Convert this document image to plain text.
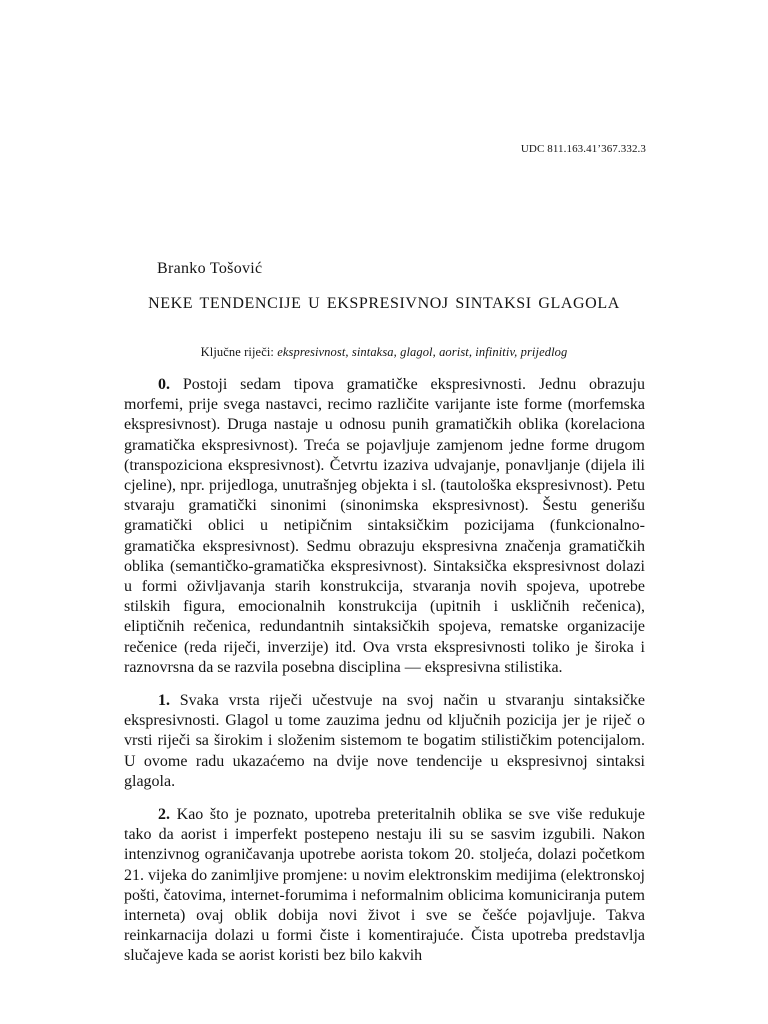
UDC 811.163.41’367.332.3
Branko Tošović
NEKE TENDENCIJE U EKSPRESIVNOJ SINTAKSI GLAGOLA
Ključne riječi: ekspresivnost, sintaksa, glagol, aorist, infinitiv, prijedlog

0. Postoji sedam tipova gramatičke ekspresivnosti. Jednu obrazuju morfemi, prije svega nastavci, recimo različite varijante iste forme (morfemska ekspresivnost). Druga nastaje u odnosu punih gramatičkih oblika (korelaciona gramatička ekspresivnost). Treća se pojavljuje zamjenom jedne forme drugom (transpoziciona ekspresivnost). Četvrtu izaziva udvajanje, ponavljanje (dijela ili cjeline), npr. prijedloga, unutrašnjeg objekta i sl. (tautološka ekspresivnost). Petu stvaraju gramatički sinonimi (sinonimska ekspresivnost). Šestu generišu gramatički oblici u netipičnim sintaksičkim pozicijama (funkcionalno-gramatička ekspresivnost). Sedmu obrazuju ekspresivna značenja gramatičkih oblika (semantičko-gramatička ekspresivnost). Sintaksička ekspresivnost dolazi u formi oživljavanja starih konstrukcija, stvaranja novih spojeva, upotrebe stilskih figura, emocionalnih konstrukcija (upitnih i uskličnih rečenica), eliptičnih rečenica, redundantnih sintaksičkih spojeva, rematske organizacije rečenice (reda riječi, inverzije) itd. Ova vrsta ekspresivnosti toliko je široka i raznovrsna da se razvila posebna disciplina — ekspresivna stilistika.

1. Svaka vrsta riječi učestvuje na svoj način u stvaranju sintaksičke ekspresivnosti. Glagol u tome zauzima jednu od ključnih pozicija jer je riječ o vrsti riječi sa širokim i složenim sistemom te bogatim stilističkim potencijalom. U ovome radu ukazaćemo na dvije nove tendencije u ekspresivnoj sintaksi glagola.

2. Kao što je poznato, upotreba preteritalnih oblika se sve više redukuje tako da aorist i imperfekt postepeno nestaju ili su se sasvim izgubili. Nakon intenzivnog ograničavanja upotrebe aorista tokom 20. stoljeća, dolazi početkom 21. vijeka do zanimljive promjene: u novim elektronskim medijima (elektronskoj pošti, čatovima, internet-forumima i neformalnim oblicima komuniciranja putem interneta) ovaj oblik dobija novi život i sve se češće pojavljuje. Takva reinkarnacija dolazi u formi čiste i komentirajuće. Čista upotreba predstavlja slučajeve kada se aorist koristi bez bilo kakvih
